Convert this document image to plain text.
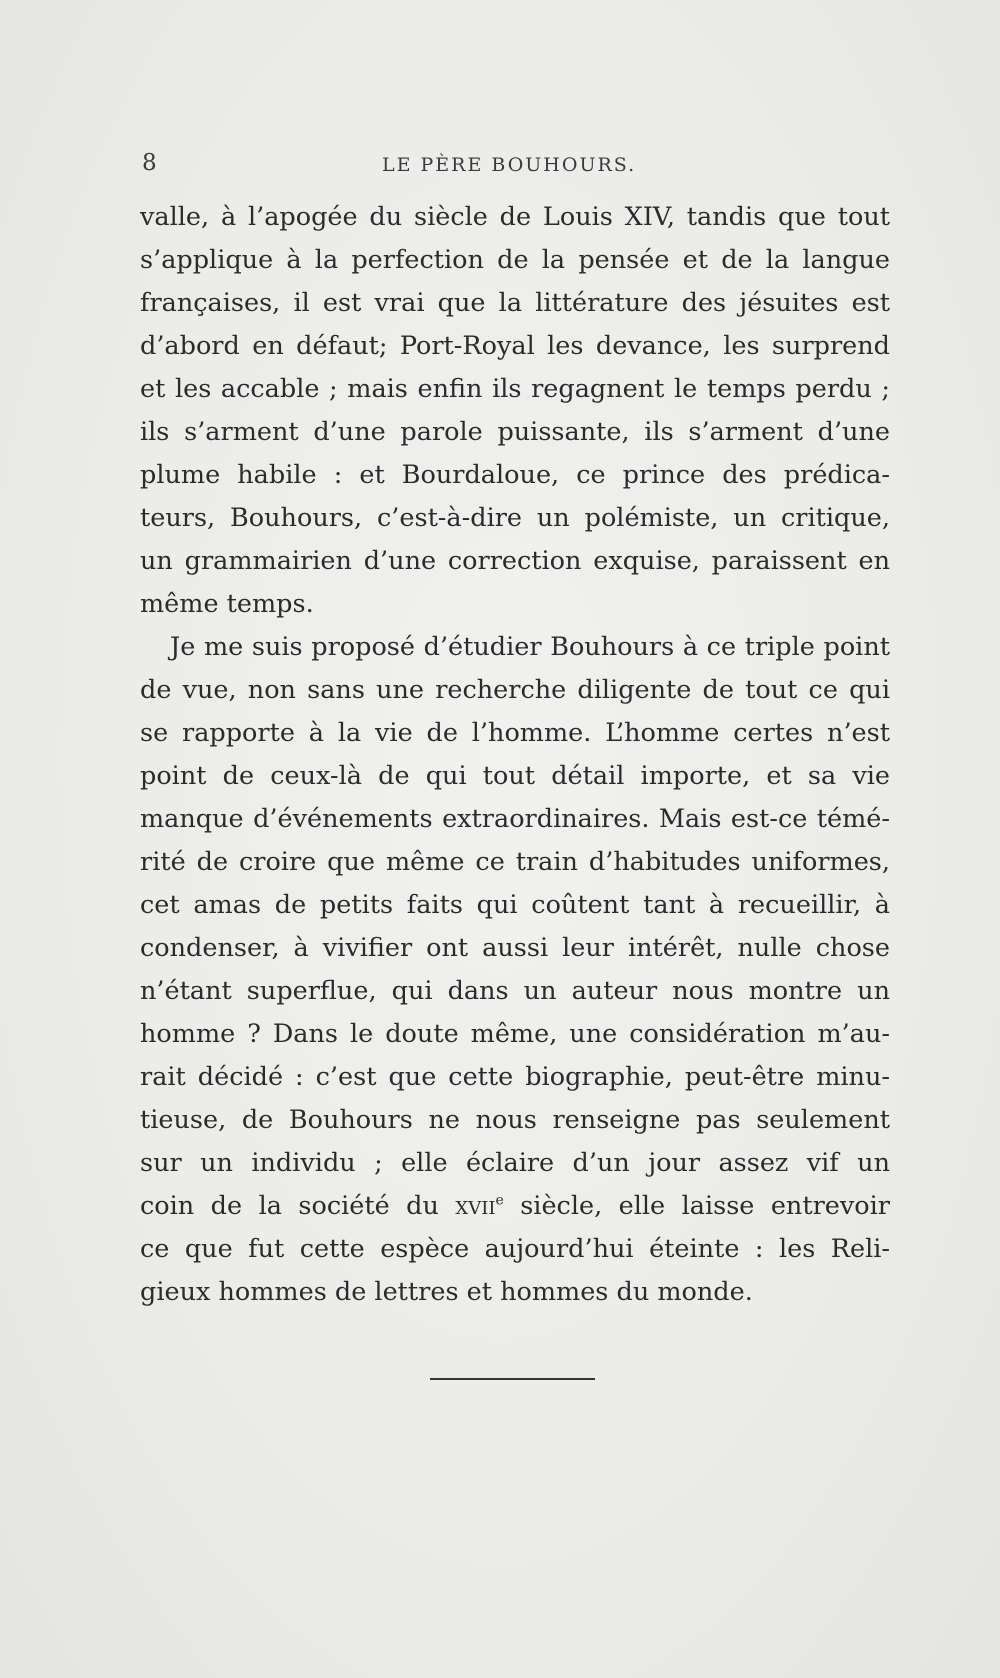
8	LE PÈRE BOUHOURS.
valle, à l’apogée du siècle de Louis XIV, tandis que tout
s’applique à la perfection de la pensée et de la langue
françaises, il est vrai que la littérature des jésuites est
d’abord en défaut; Port-Royal les devance, les surprend
et les accable ; mais enfin ils regagnent le temps perdu ;
ils s’arment d’une parole puissante, ils s’arment d’une
plume habile : et Bourdaloue, ce prince des prédica-
teurs, Bouhours, c’est-à-dire un polémiste, un critique,
un grammairien d’une correction exquise, paraissent en
même temps.
Je me suis proposé d’étudier Bouhours à ce triple point
de vue, non sans une recherche diligente de tout ce qui
se rapporte à la vie de l’homme. L’homme certes n’est
point de ceux-là de qui tout détail importe, et sa vie
manque d’événements extraordinaires. Mais est-ce témé-
rité de croire que même ce train d’habitudes uniformes,
cet amas de petits faits qui coûtent tant à recueillir, à
condenser, à vivifier ont aussi leur intérêt, nulle chose
n’étant superflue, qui dans un auteur nous montre un
homme ? Dans le doute même, une considération m’au-
rait décidé : c’est que cette biographie, peut-être minu-
tieuse, de Bouhours ne nous renseigne pas seulement
sur un individu ; elle éclaire d’un jour assez vif un
coin de la société du xvii$^e$ siècle, elle laisse entrevoir
ce que fut cette espèce aujourd’hui éteinte : les Reli-
gieux hommes de lettres et hommes du monde.
